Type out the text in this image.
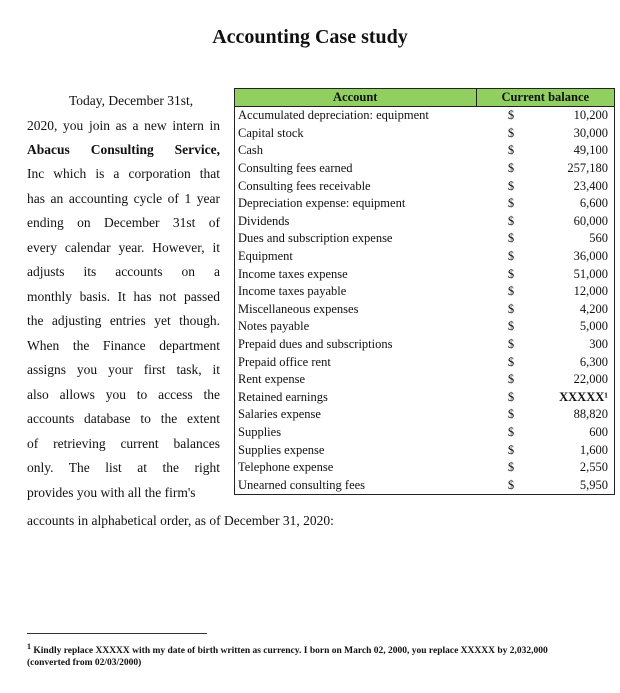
Accounting Case study
Today, December 31st,
2020, you join as a new intern in
Abacus Consulting Service,
Inc which is a corporation that
has an accounting cycle of 1 year
ending on December 31st of
every calendar year. However, it
adjusts its accounts on a
monthly basis. It has not passed
the adjusting entries yet though.
When the Finance department
assigns you your first task, it
also allows you to access the
accounts database to the extent
of retrieving current balances
only. The list at the right
provides you with all the firm's
accounts in alphabetical order, as of December 31, 2020:
Account	Current balance	
Accumulated depreciation: equipment	$	10,200
Capital stock	$	30,000
Cash	$	49,100
Consulting fees earned	$	257,180
Consulting fees receivable	$	23,400
Depreciation expense: equipment	$	6,600
Dividends	$	60,000
Dues and subscription expense	$	560
Equipment	$	36,000
Income taxes expense	$	51,000
Income taxes payable	$	12,000
Miscellaneous expenses	$	4,200
Notes payable	$	5,000
Prepaid dues and subscriptions	$	300
Prepaid office rent	$	6,300
Rent expense	$	22,000
Retained earnings	$	XXXXX¹
Salaries expense	$	88,820
Supplies	$	600
Supplies expense	$	1,600
Telephone expense	$	2,550
Unearned consulting fees	$	5,950
$^1$ Kindly replace XXXXX with my date of birth written as currency. I born on March 02, 2000, you replace XXXXX by 2,032,000 (converted from 02/03/2000)
